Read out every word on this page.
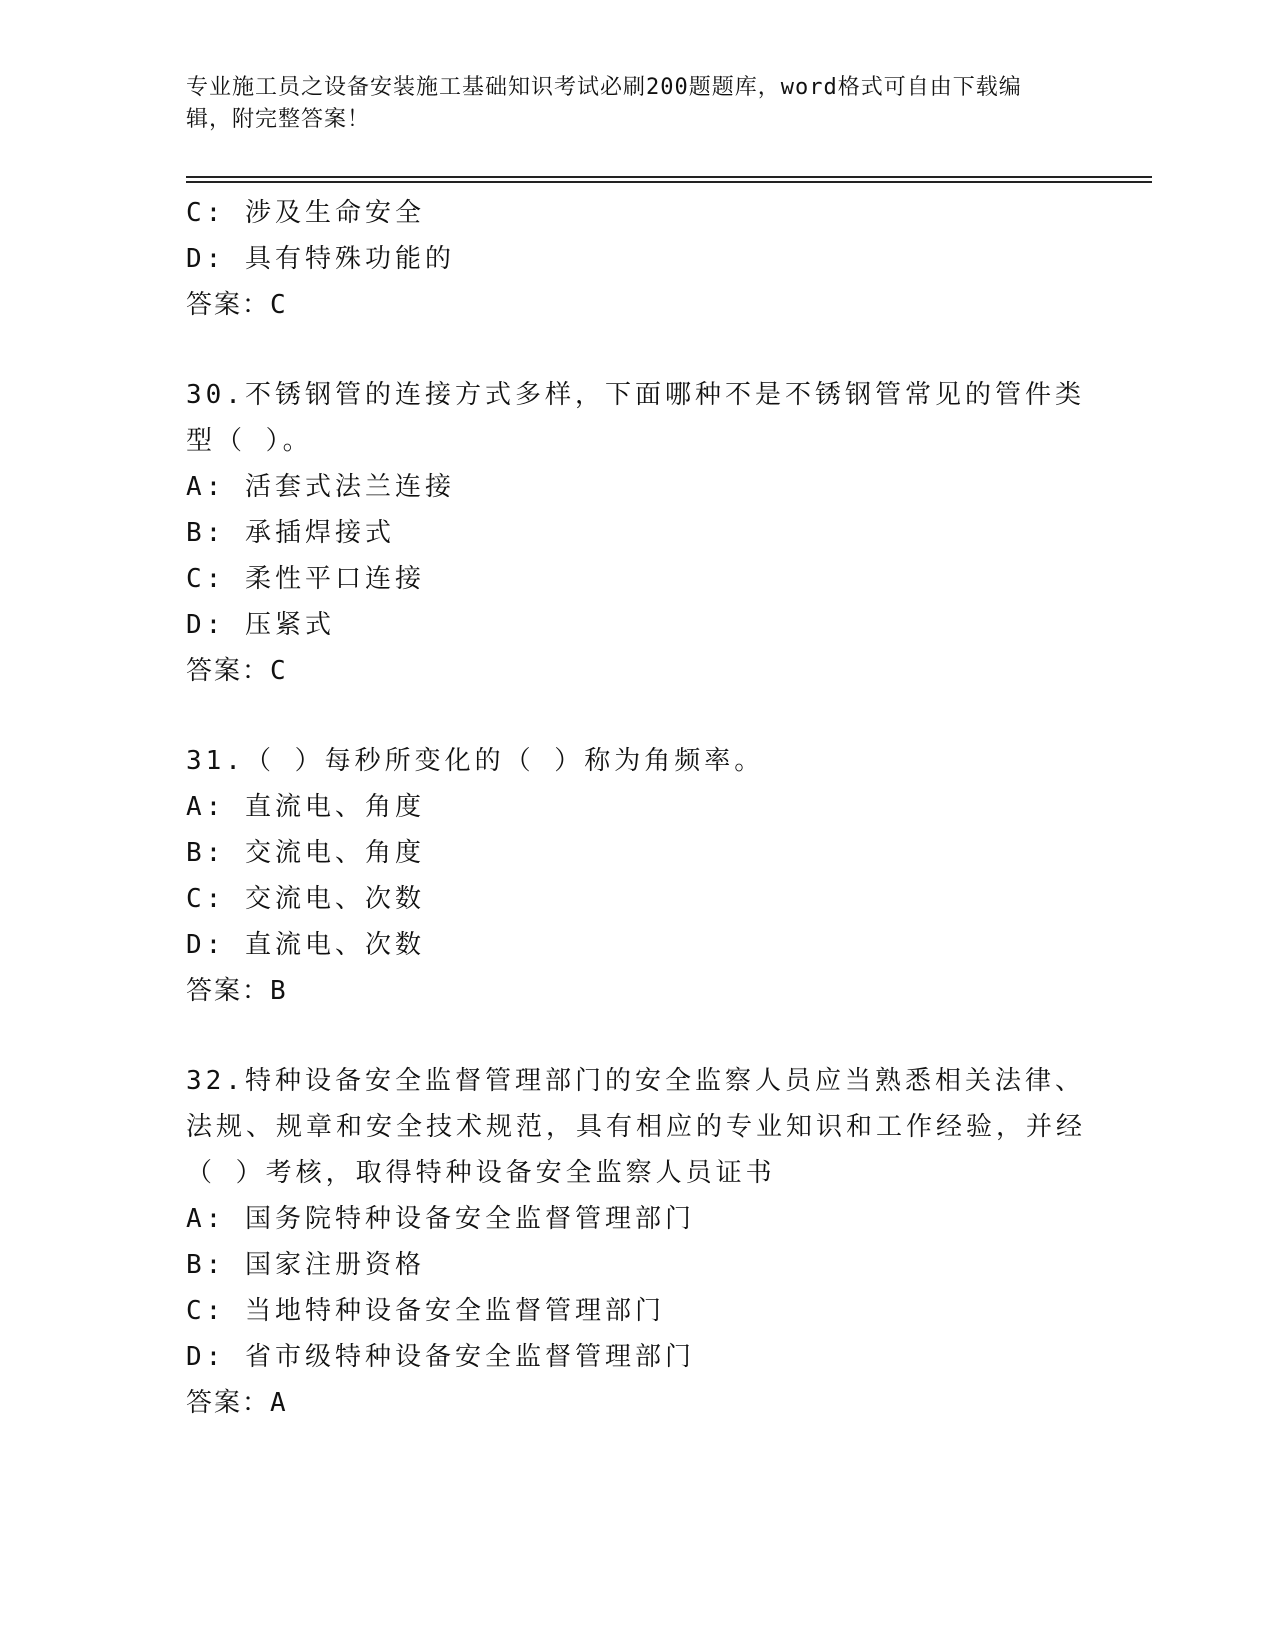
专业施工员之设备安装施工基础知识考试必刷200题题库，word格式可自由下载编辑，附完整答案！
C: 涉及生命安全
D: 具有特殊功能的
答案：C
30.不锈钢管的连接方式多样，下面哪种不是不锈钢管常见的管件类型（ ）。
A: 活套式法兰连接
B: 承插焊接式
C: 柔性平口连接
D: 压紧式
答案：C
31.（ ）每秒所变化的（ ）称为角频率。
A: 直流电、角度
B: 交流电、角度
C: 交流电、次数
D: 直流电、次数
答案：B
32.特种设备安全监督管理部门的安全监察人员应当熟悉相关法律、法规、规章和安全技术规范，具有相应的专业知识和工作经验，并经（ ）考核，取得特种设备安全监察人员证书
A: 国务院特种设备安全监督管理部门
B: 国家注册资格
C: 当地特种设备安全监督管理部门
D: 省市级特种设备安全监督管理部门
答案：A
